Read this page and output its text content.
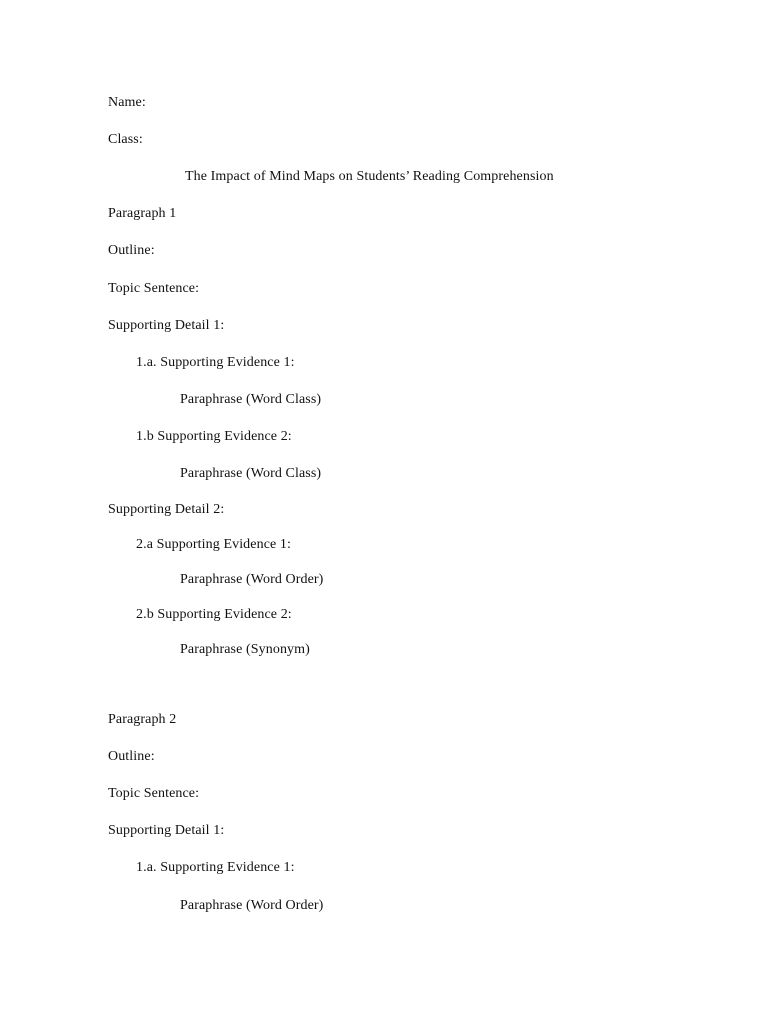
Name:
Class:
The Impact of Mind Maps on Students’ Reading Comprehension
Paragraph 1
Outline:
Topic Sentence:
Supporting Detail 1:
1.a. Supporting Evidence 1:
Paraphrase (Word Class)
1.b Supporting Evidence 2:
Paraphrase (Word Class)
Supporting Detail 2:
2.a Supporting Evidence 1:
Paraphrase (Word Order)
2.b Supporting Evidence 2:
Paraphrase (Synonym)
Paragraph 2
Outline:
Topic Sentence:
Supporting Detail 1:
1.a. Supporting Evidence 1:
Paraphrase (Word Order)
